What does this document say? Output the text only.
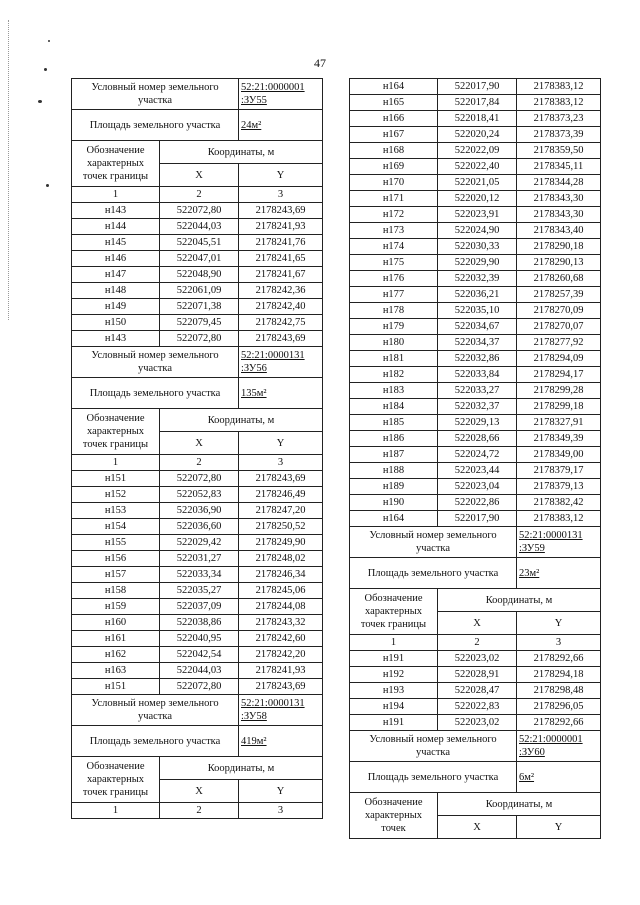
47
Условный номер земельного участка		52:21:0000001 :ЗУ55
Площадь земельного участка		24м²
Обозначение характерных точек границы	Координаты, м	
	X	Y
1	2	3
н143	522072,80	2178243,69
н144	522044,03	2178241,93
н145	522045,51	2178241,76
н146	522047,01	2178241,65
н147	522048,90	2178241,67
н148	522061,09	2178242,36
н149	522071,38	2178242,40
н150	522079,45	2178242,75
н143	522072,80	2178243,69
Условный номер земельного участка		52:21:0000131 :ЗУ56
Площадь земельного участка		135м²
Обозначение характерных точек границы	Координаты, м	
	X	Y
1	2	3
н151	522072,80	2178243,69
н152	522052,83	2178246,49
н153	522036,90	2178247,20
н154	522036,60	2178250,52
н155	522029,42	2178249,90
н156	522031,27	2178248,02
н157	522033,34	2178246,34
н158	522035,27	2178245,06
н159	522037,09	2178244,08
н160	522038,86	2178243,32
н161	522040,95	2178242,60
н162	522042,54	2178242,20
н163	522044,03	2178241,93
н151	522072,80	2178243,69
Условный номер земельного участка		52:21:0000131 :ЗУ58
Площадь земельного участка		419м²
Обозначение характерных точек границы	Координаты, м	
	X	Y
1	2	3
н164	522017,90	2178383,12
н165	522017,84	2178383,12
н166	522018,41	2178373,23
н167	522020,24	2178373,39
н168	522022,09	2178359,50
н169	522022,40	2178345,11
н170	522021,05	2178344,28
н171	522020,12	2178343,30
н172	522023,91	2178343,30
н173	522024,90	2178343,40
н174	522030,33	2178290,18
н175	522029,90	2178290,13
н176	522032,39	2178260,68
н177	522036,21	2178257,39
н178	522035,10	2178270,09
н179	522034,67	2178270,07
н180	522034,37	2178277,92
н181	522032,86	2178294,09
н182	522033,84	2178294,17
н183	522033,27	2178299,28
н184	522032,37	2178299,18
н185	522029,13	2178327,91
н186	522028,66	2178349,39
н187	522024,72	2178349,00
н188	522023,44	2178379,17
н189	522023,04	2178379,13
н190	522022,86	2178382,42
н164	522017,90	2178383,12
Условный номер земельного участка		52:21:0000131 :ЗУ59
Площадь земельного участка		23м²
Обозначение характерных точек границы	Координаты, м	
	X	Y
1	2	3
н191	522023,02	2178292,66
н192	522028,91	2178294,18
н193	522028,47	2178298,48
н194	522022,83	2178296,05
н191	522023,02	2178292,66
Условный номер земельного участка		52:21:0000001 :ЗУ60
Площадь земельного участка		6м²
Обозначение характерных точек	Координаты, м	
	X	Y
